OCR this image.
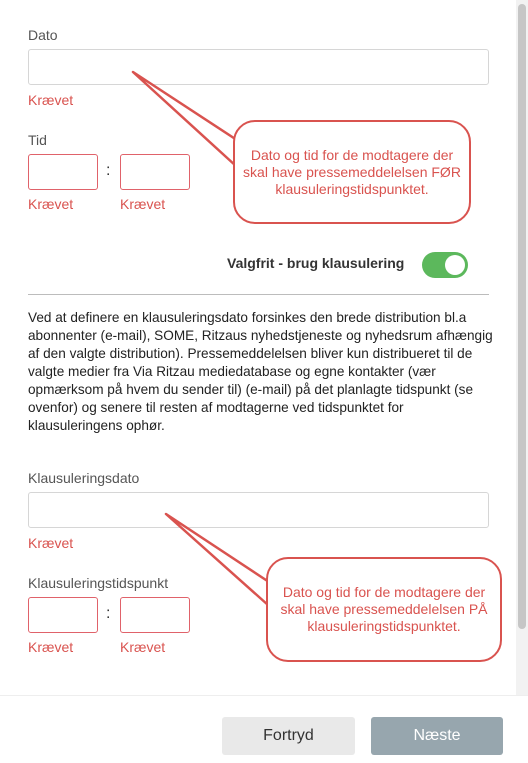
Dato
Krævet
Tid
:
Krævet	Krævet
Valgfrit - brug klausulering
Ved at definere en klausuleringsdato forsinkes den brede distribution bl.a abonnenter (e-mail), SOME, Ritzaus nyhedstjeneste og nyhedsrum afhængig af den valgte distribution). Pressemeddelelsen bliver kun distribueret til de valgte medier fra Via Ritzau mediedatabase og egne kontakter (vær opmærksom på hvem du sender til) (e-mail) på det planlagte tidspunkt (se ovenfor) og senere til resten af modtagerne ved tidspunktet for klausuleringens ophør.
Klausuleringsdato
Krævet
Klausuleringstidspunkt
:
Krævet	Krævet
Dato og tid for de modtagere der skal have pressemeddelelsen FØR klausuleringstidspunktet.
Dato og tid for de modtagere der skal have pressemeddelelsen PÅ klausuleringstidspunktet.
Fortryd	Næste
